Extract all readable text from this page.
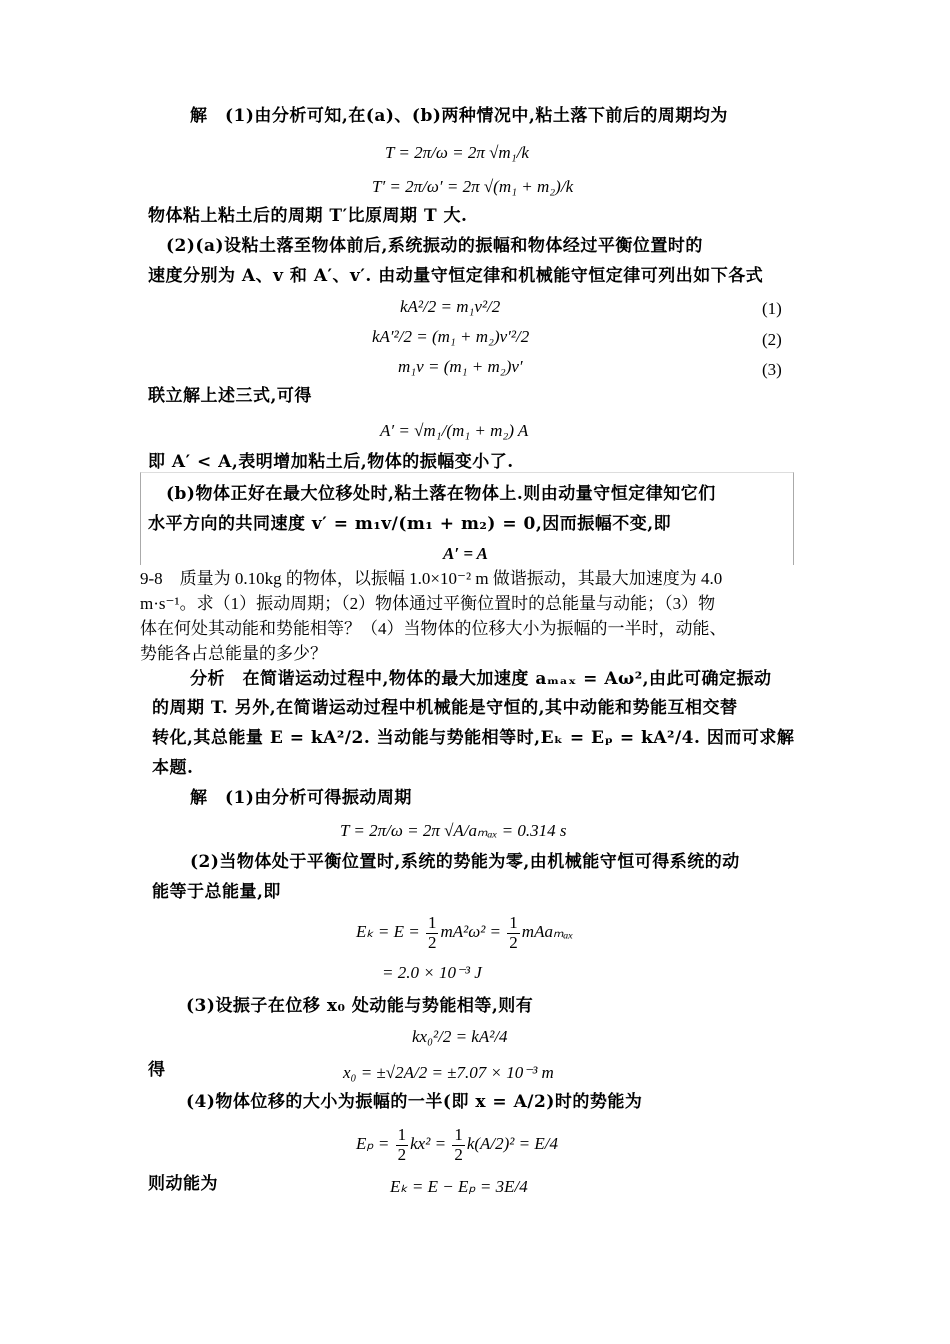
解　(1)由分析可知,在(a)、(b)两种情况中,粘土落下前后的周期均为
T = 2π/ω = 2π √m₁/k
T′ = 2π/ω′ = 2π √(m₁ + m₂)/k
物体粘上粘土后的周期 T′比原周期 T 大.
(2)(a)设粘土落至物体前后,系统振动的振幅和物体经过平衡位置时的
速度分别为 A、v 和 A′、v′. 由动量守恒定律和机械能守恒定律可列出如下各式
kA²/2 = m₁v²/2	(1)
kA′²/2 = (m₁ + m₂)v′²/2	(2)
m₁v = (m₁ + m₂)v′	(3)
联立解上述三式,可得
A′ = √m₁/(m₁ + m₂) A
即 A′ < A,表明增加粘土后,物体的振幅变小了.
(b)物体正好在最大位移处时,粘土落在物体上.则由动量守恒定律知它们
水平方向的共同速度 v′ = m₁v/(m₁ + m₂) = 0,因而振幅不变,即
A′ = A
9-8　质量为 0.10kg 的物体，以振幅 1.0×10⁻² m 做谐振动，其最大加速度为 4.0
m·s⁻¹。求（1）振动周期；（2）物体通过平衡位置时的总能量与动能；（3）物
体在何处其动能和势能相等？（4）当物体的位移大小为振幅的一半时，动能、
势能各占总能量的多少？
分析　在简谐运动过程中,物体的最大加速度 aₘₐₓ = Aω²,由此可确定振动
的周期 T. 另外,在简谐运动过程中机械能是守恒的,其中动能和势能互相交替
转化,其总能量 E = kA²/2. 当动能与势能相等时,Eₖ = Eₚ = kA²/4. 因而可求解
本题.
解　(1)由分析可得振动周期
T = 2π/ω = 2π √A/aₘₐₓ = 0.314 s
(2)当物体处于平衡位置时,系统的势能为零,由机械能守恒可得系统的动
能等于总能量,即
$E_k = E = \frac{1}{2} mA^2\omega^2 = \frac{1}{2}$ mAaₘₐₓ
= 2.0 × 10⁻³ J
(3)设振子在位移 x₀ 处动能与势能相等,则有
kx₀²/2 = kA²/4
得	x₀ = ±√2A/2 = ±7.07 × 10⁻³ m
(4)物体位移的大小为振幅的一半(即 x = A/2)时的势能为
$E_p = \frac{1}{2} kx^2 = \frac{1}{2} k(A/2)^2 = E/4$
则动能为	Eₖ = E − Eₚ = 3E/4
